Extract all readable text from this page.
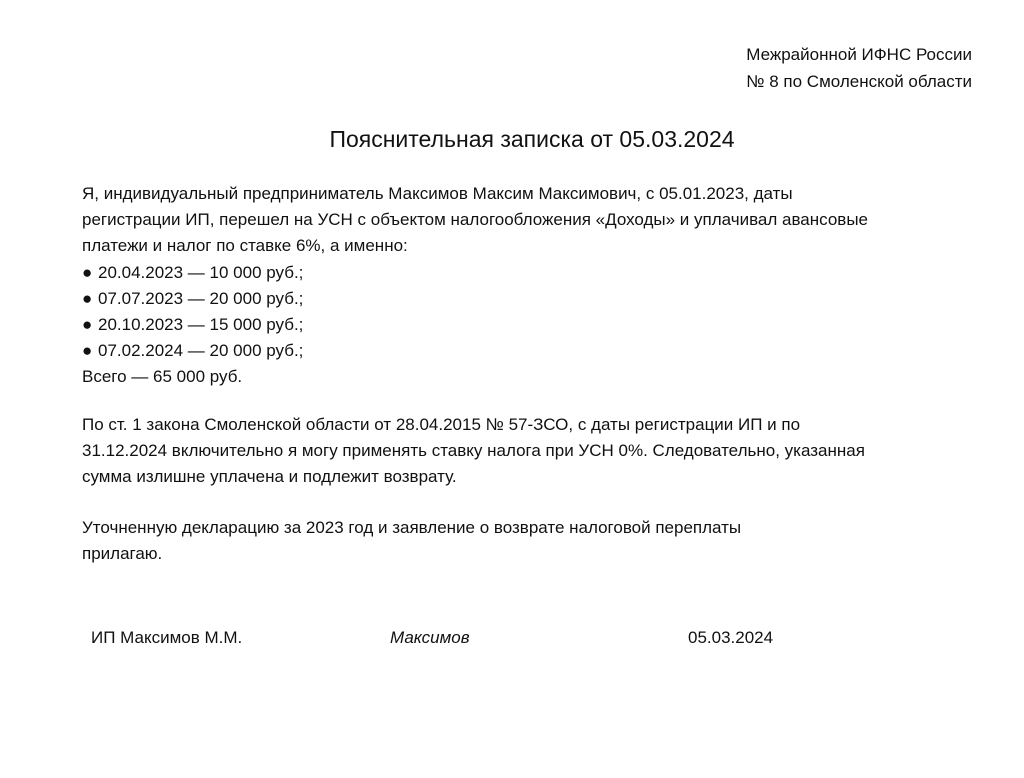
Межрайонной ИФНС России
№ 8 по Смоленской области
Пояснительная записка от 05.03.2024
Я, индивидуальный предприниматель Максимов Максим Максимович, с 05.01.2023, даты
регистрации ИП, перешел на УСН с объектом налогообложения «Доходы» и уплачивал авансовые
платежи и налог по ставке 6%, а именно:
● 20.04.2023 — 10 000 руб.;
● 07.07.2023 — 20 000 руб.;
● 20.10.2023 — 15 000 руб.;
● 07.02.2024 — 20 000 руб.;
Всего — 65 000 руб.
По ст. 1 закона Смоленской области от 28.04.2015 № 57-ЗСО, с даты регистрации ИП и по
31.12.2024 включительно я могу применять ставку налога при УСН 0%. Следовательно, указанная
сумма излишне уплачена и подлежит возврату.
Уточненную декларацию за 2023 год и заявление о возврате налоговой переплаты
прилагаю.
ИП Максимов М.М.	Максимов	05.03.2024
